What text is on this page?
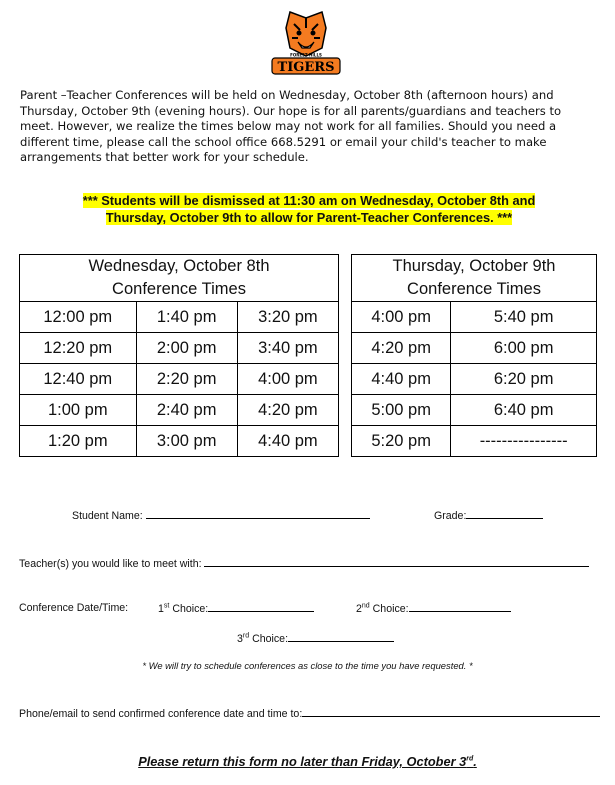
FOREST HILLS
TIGERS
Parent –Teacher Conferences will be held on Wednesday, October 8th (afternoon hours) and Thursday, October 9th (evening hours). Our hope is for all parents/guardians and teachers to meet. However, we realize the times below may not work for all families. Should you need a different time, please call the school office 668.5291 or email your child's teacher to make arrangements that better work for your schedule.
*** Students will be dismissed at 11:30 am on Wednesday, October 8th and
Thursday, October 9th to allow for Parent-Teacher Conferences. ***
Wednesday, October 8th
Conference Times		
12:00 pm	1:40 pm	3:20 pm
12:20 pm	2:00 pm	3:40 pm
12:40 pm	2:20 pm	4:00 pm
1:00 pm	2:40 pm	4:20 pm
1:20 pm	3:00 pm	4:40 pm
Thursday, October 9th
Conference Times	
4:00 pm	5:40 pm
4:20 pm	6:00 pm
4:40 pm	6:20 pm
5:00 pm	6:40 pm
5:20 pm	----------------
Student Name:	Grade:
Teacher(s) you would like to meet with:
Conference Date/Time:	1st Choice:	2nd Choice:
3rd Choice:
* We will try to schedule conferences as close to the time you have requested. *
Phone/email to send confirmed conference date and time to:
Please return this form no later than Friday, October 3rd.
